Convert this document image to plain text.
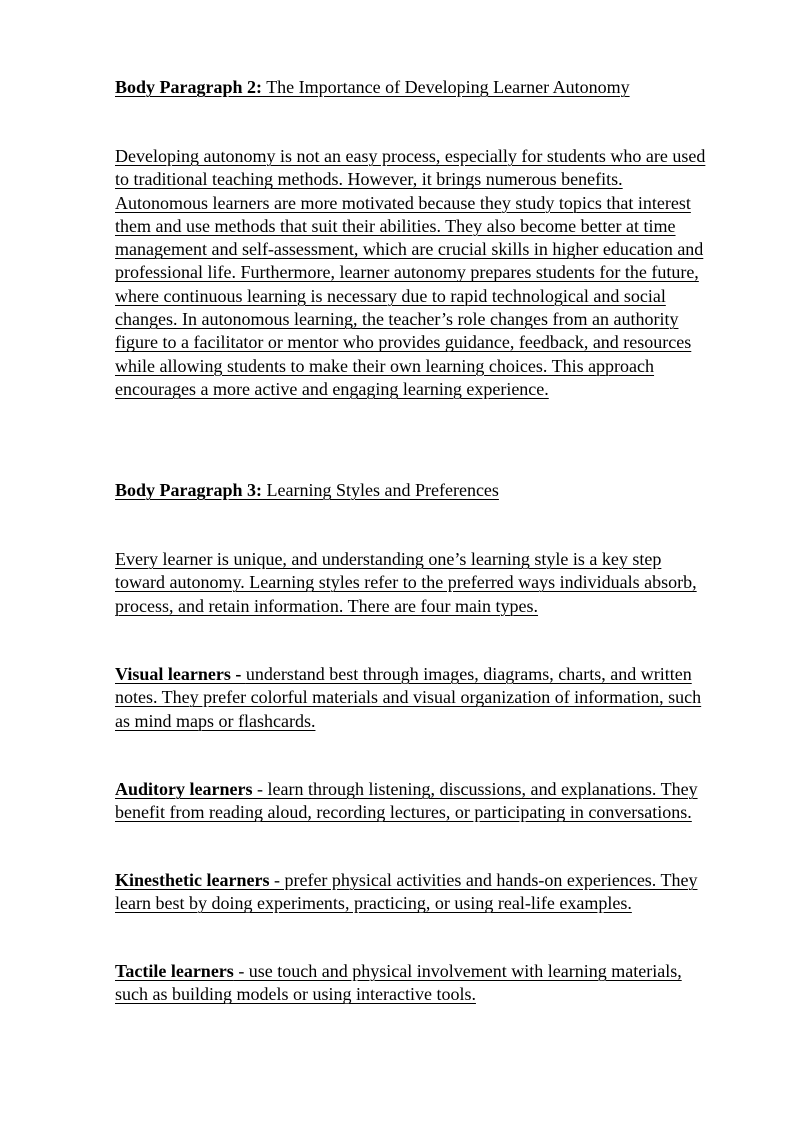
Body Paragraph 2: The Importance of Developing Learner Autonomy
Developing autonomy is not an easy process, especially for students who are used
to traditional teaching methods. However, it brings numerous benefits.
Autonomous learners are more motivated because they study topics that interest
them and use methods that suit their abilities. They also become better at time
management and self-assessment, which are crucial skills in higher education and
professional life. Furthermore, learner autonomy prepares students for the future,
where continuous learning is necessary due to rapid technological and social
changes. In autonomous learning, the teacher’s role changes from an authority
figure to a facilitator or mentor who provides guidance, feedback, and resources
while allowing students to make their own learning choices. This approach
encourages a more active and engaging learning experience.
Body Paragraph 3: Learning Styles and Preferences
Every learner is unique, and understanding one’s learning style is a key step
toward autonomy. Learning styles refer to the preferred ways individuals absorb,
process, and retain information. There are four main types.
Visual learners - understand best through images, diagrams, charts, and written
notes. They prefer colorful materials and visual organization of information, such
as mind maps or flashcards.
Auditory learners - learn through listening, discussions, and explanations. They
benefit from reading aloud, recording lectures, or participating in conversations.
Kinesthetic learners - prefer physical activities and hands-on experiences. They
learn best by doing experiments, practicing, or using real-life examples.
Tactile learners - use touch and physical involvement with learning materials,
such as building models or using interactive tools.
